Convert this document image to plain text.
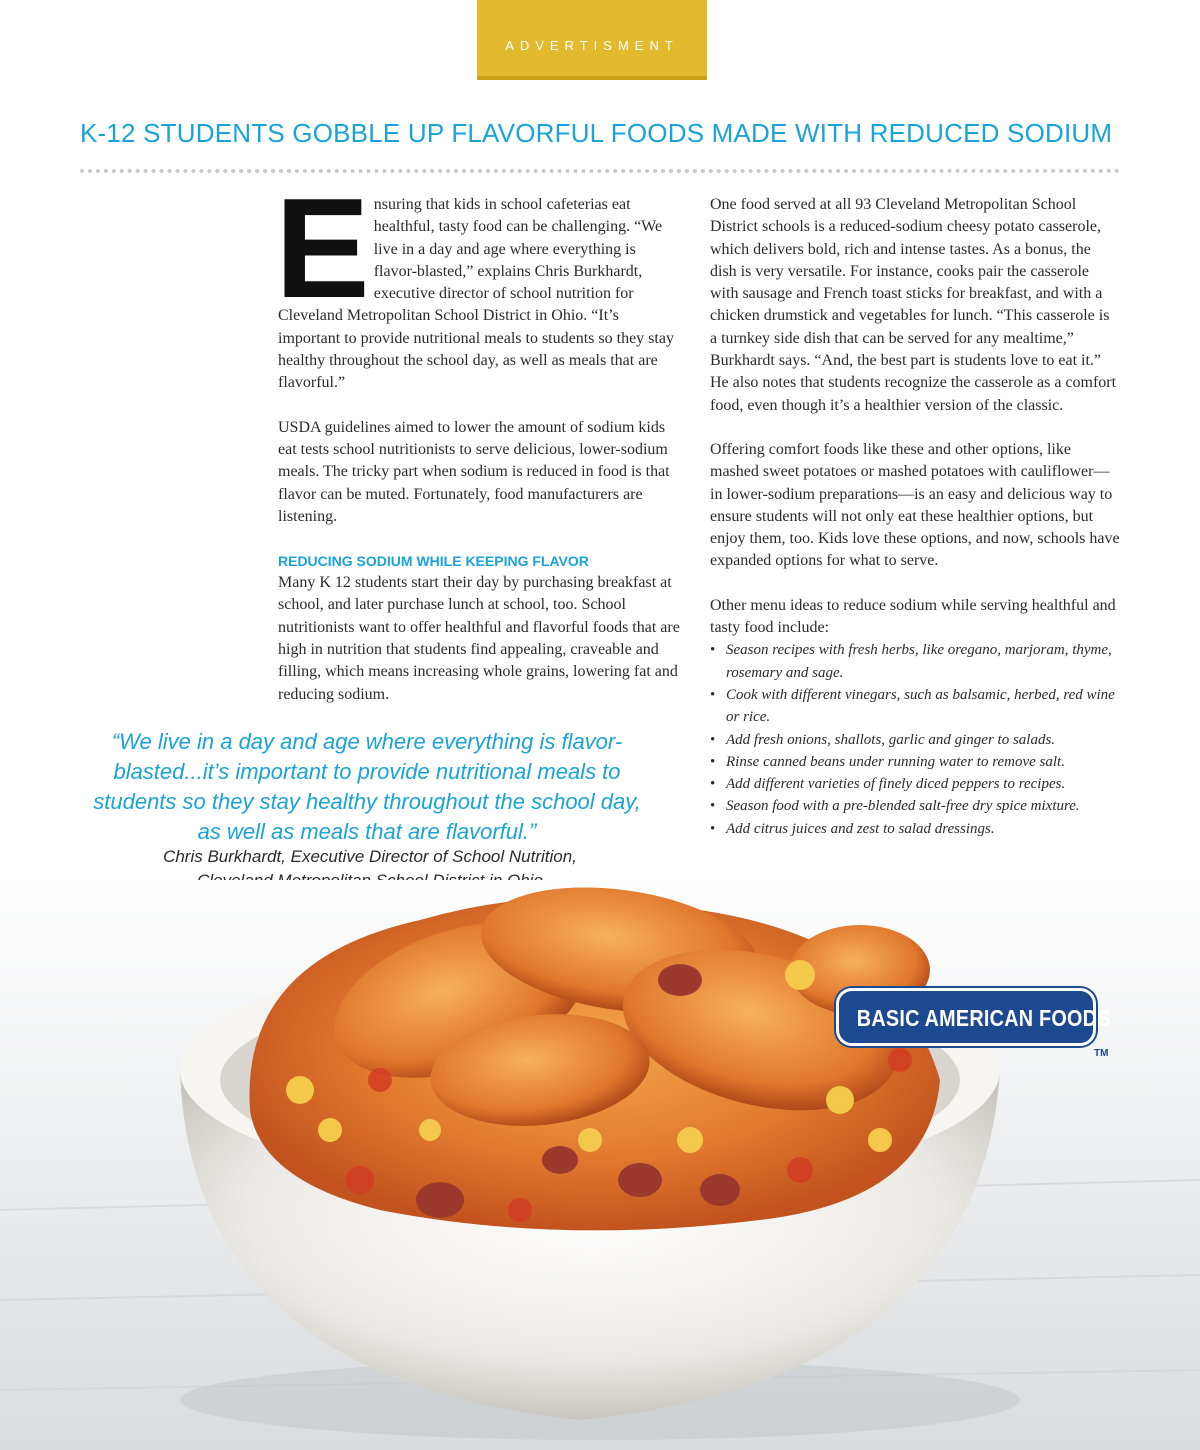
ADVERTISMENT
K-12 STUDENTS GOBBLE UP FLAVORFUL FOODS MADE WITH REDUCED SODIUM

Ensuring that kids in school cafeterias eat healthful, tasty food can be challenging. “We live in a day and age where everything is flavor-blasted,” explains Chris Burkhardt, executive director of school nutrition for Cleveland Metropolitan School District in Ohio. “It’s important to provide nutritional meals to students so they stay healthy throughout the school day, as well as meals that are flavorful.”

USDA guidelines aimed to lower the amount of sodium kids eat tests school nutritionists to serve delicious, lower-sodium meals. The tricky part when sodium is reduced in food is that flavor can be muted. Fortunately, food manufacturers are listening.

REDUCING SODIUM WHILE KEEPING FLAVOR

Many K 12 students start their day by purchasing breakfast at school, and later purchase lunch at school, too. School nutritionists want to offer healthful and flavorful foods that are high in nutrition that students find appealing, craveable and filling, which means increasing whole grains, lowering fat and reducing sodium.

One food served at all 93 Cleveland Metropolitan School District schools is a reduced-sodium cheesy potato casserole, which delivers bold, rich and intense tastes. As a bonus, the dish is very versatile. For instance, cooks pair the casserole with sausage and French toast sticks for breakfast, and with a chicken drumstick and vegetables for lunch. “This casserole is a turnkey side dish that can be served for any mealtime,” Burkhardt says. “And, the best part is students love to eat it.” He also notes that students recognize the casserole as a comfort food, even though it’s a healthier version of the classic.

Offering comfort foods like these and other options, like mashed sweet potatoes or mashed potatoes with cauliflower—in lower-sodium preparations—is an easy and delicious way to ensure students will not only eat these healthier options, but enjoy them, too. Kids love these options, and now, schools have expanded options for what to serve.

Other menu ideas to reduce sodium while serving healthful and tasty food include:

• Season recipes with fresh herbs, like oregano, marjoram, thyme, rosemary and sage.
• Cook with different vinegars, such as balsamic, herbed, red wine or rice.
• Add fresh onions, shallots, garlic and ginger to salads.
• Rinse canned beans under running water to remove salt.
• Add different varieties of finely diced peppers to recipes.
• Season food with a pre-blended salt-free dry spice mixture.
• Add citrus juices and zest to salad dressings.

“We live in a day and age where everything is flavor-blasted...it’s important to provide nutritional meals to students so they stay healthy throughout the school day, as well as meals that are flavorful.”

Chris Burkhardt, Executive Director of School Nutrition,
BASIC AMERICAN FOODS
TM
